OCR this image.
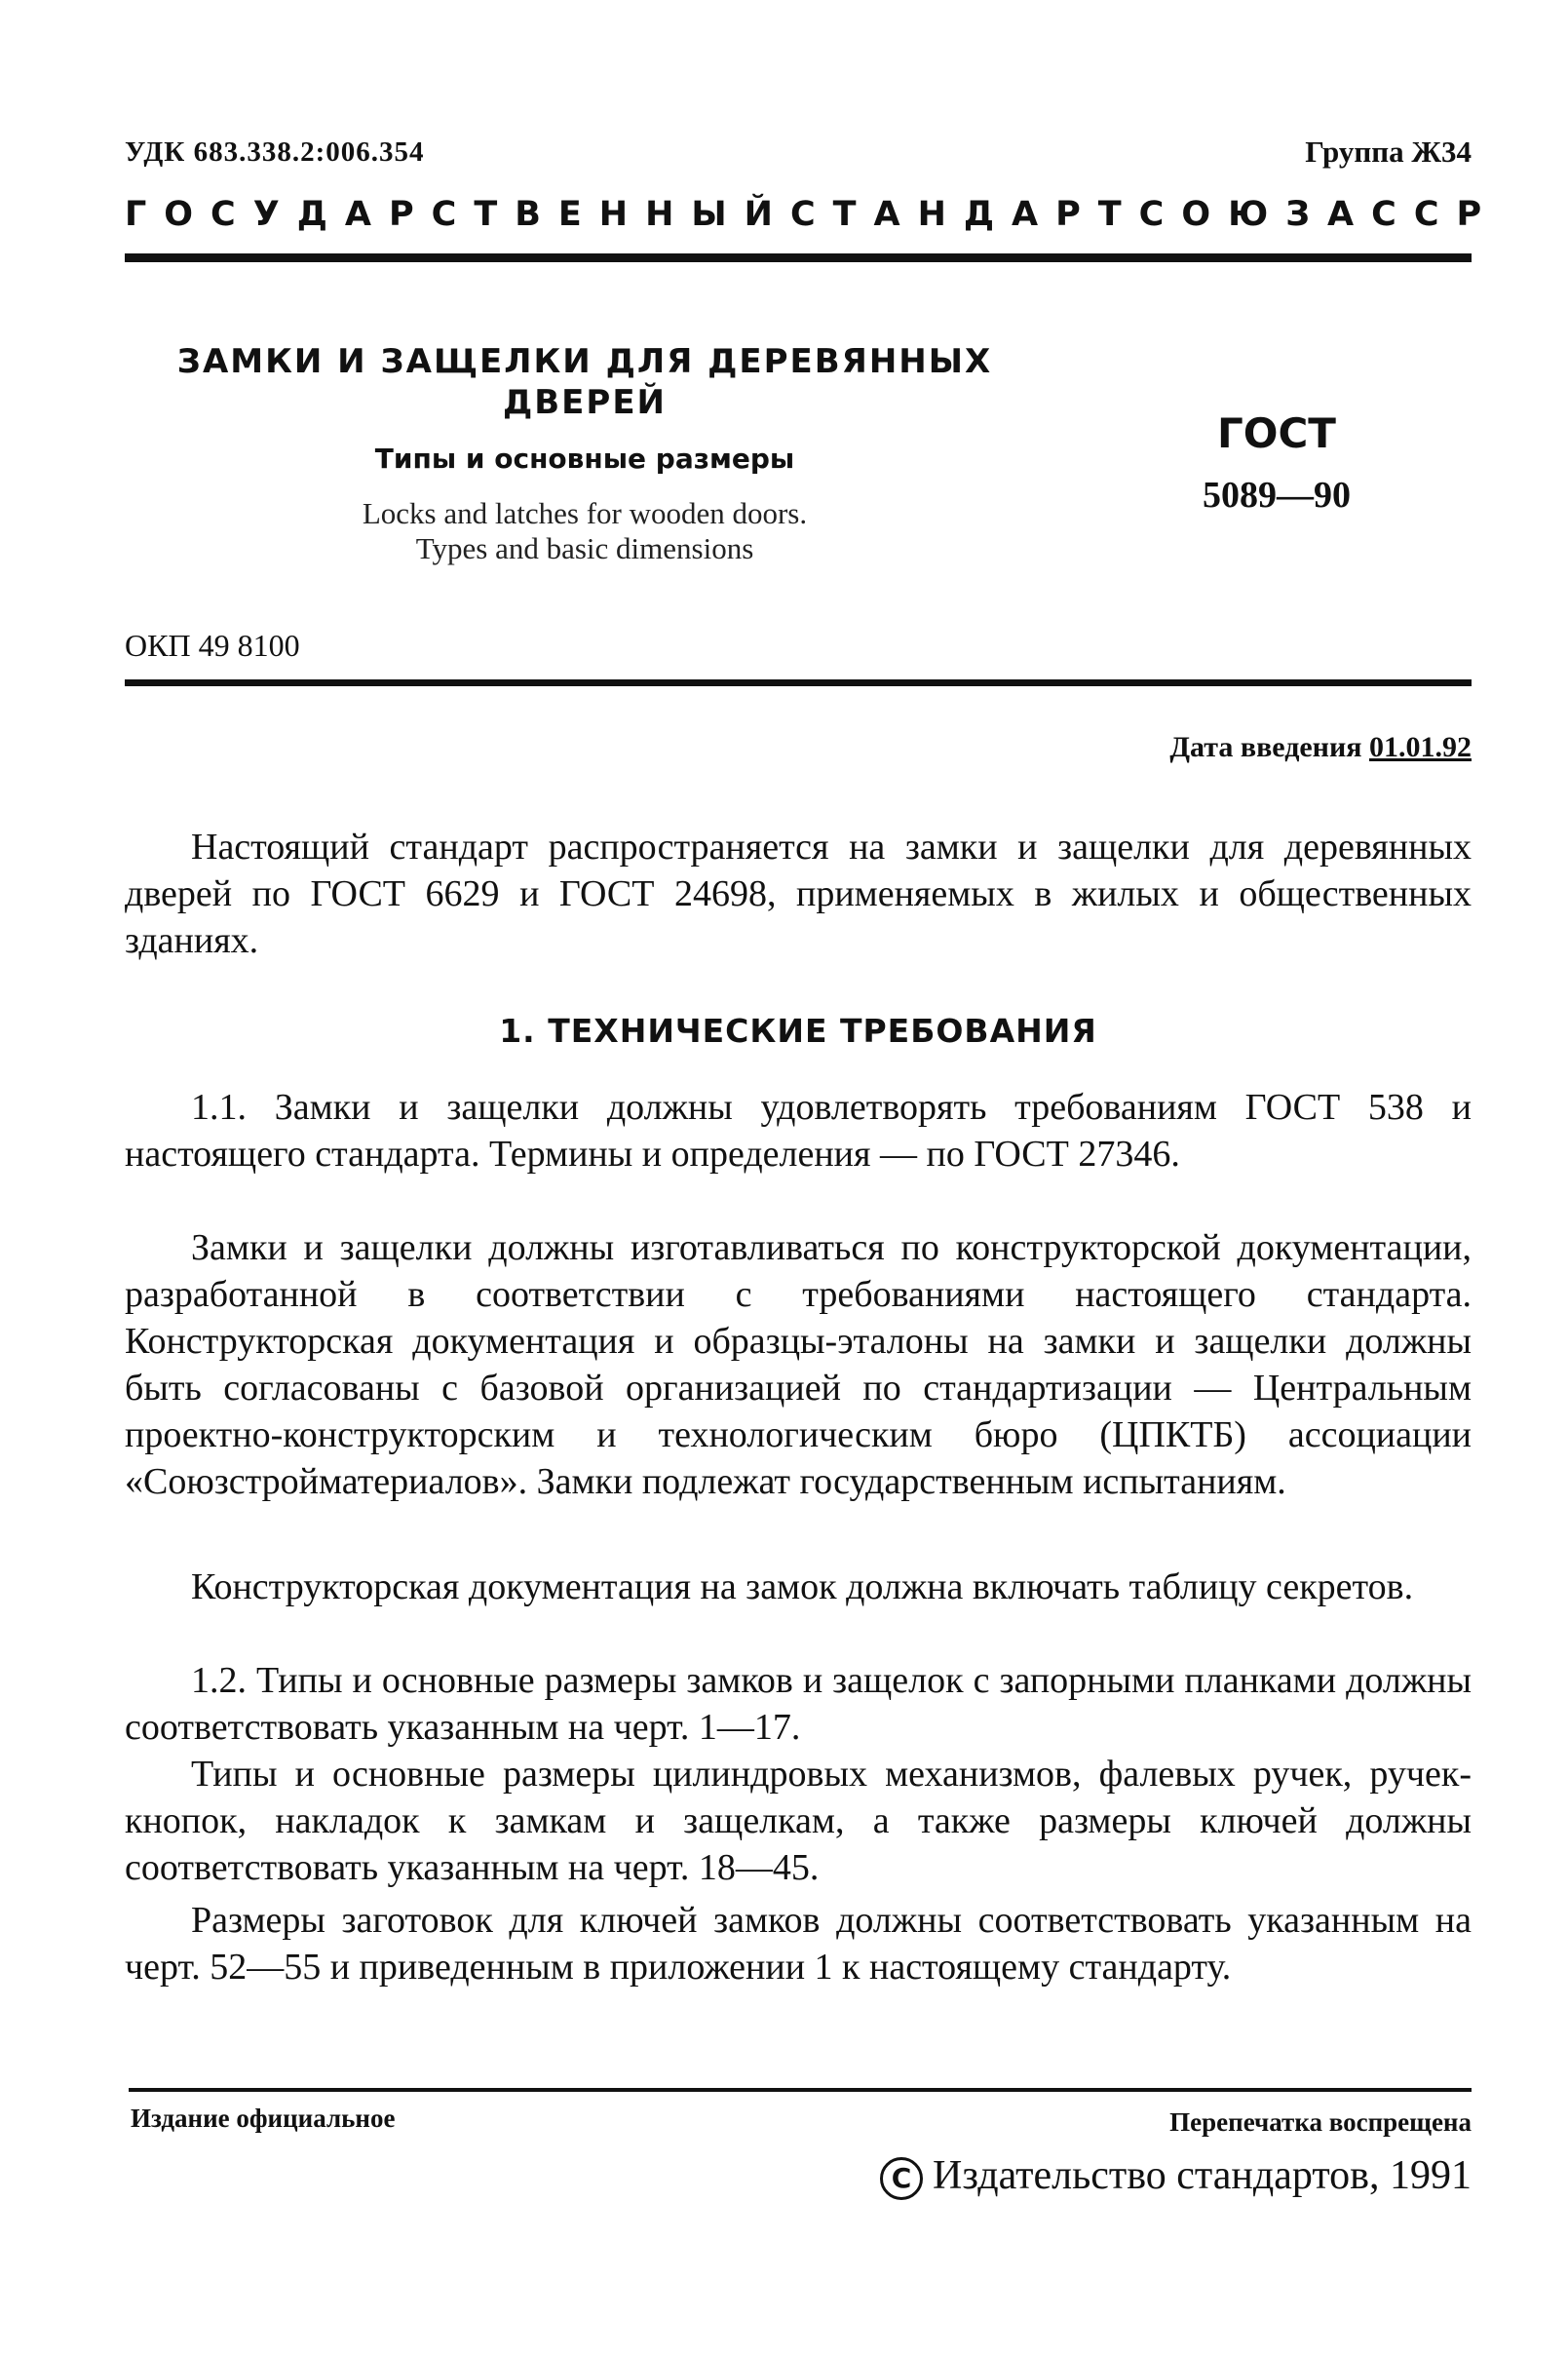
УДК 683.338.2:006.354	Группа Ж34
ГОСУДАРСТВЕННЫЙ СТАНДАРТ СОЮЗА ССР
ЗАМКИ И ЗАЩЕЛКИ ДЛЯ ДЕРЕВЯННЫХ
ДВЕРЕЙ
Типы и основные размеры
Locks and latches for wooden doors.
Types and basic dimensions
ГОСТ
5089—90
ОКП 49 8100
Дата введения 01.01.92
Настоящий стандарт распространяется на замки и защелки для деревянных дверей по ГОСТ 6629 и ГОСТ 24698, применяемых в жилых и общественных зданиях.
1. ТЕХНИЧЕСКИЕ ТРЕБОВАНИЯ
1.1. Замки и защелки должны удовлетворять требованиям ГОСТ 538 и настоящего стандарта. Термины и определения — по ГОСТ 27346.
Замки и защелки должны изготавливаться по конструкторской документации, разработанной в соответствии с требованиями настоящего стандарта. Конструкторская документация и образцы-эталоны на замки и защелки должны быть согласованы с базовой организацией по стандартизации — Центральным проектно-конструкторским и технологическим бюро (ЦПКТБ) ассоциации «Союзстройматериалов». Замки подлежат государственным испытаниям.
Конструкторская документация на замок должна включать таблицу секретов.
1.2. Типы и основные размеры замков и защелок с запорными планками должны соответствовать указанным на черт. 1—17.
Типы и основные размеры цилиндровых механизмов, фалевых ручек, ручек-кнопок, накладок к замкам и защелкам, а также размеры ключей должны соответствовать указанным на черт. 18—45.
Размеры заготовок для ключей замков должны соответствовать указанным на черт. 52—55 и приведенным в приложении 1 к настоящему стандарту.
Издание официальное	Перепечатка воспрещена
C Издательство стандартов, 1991
